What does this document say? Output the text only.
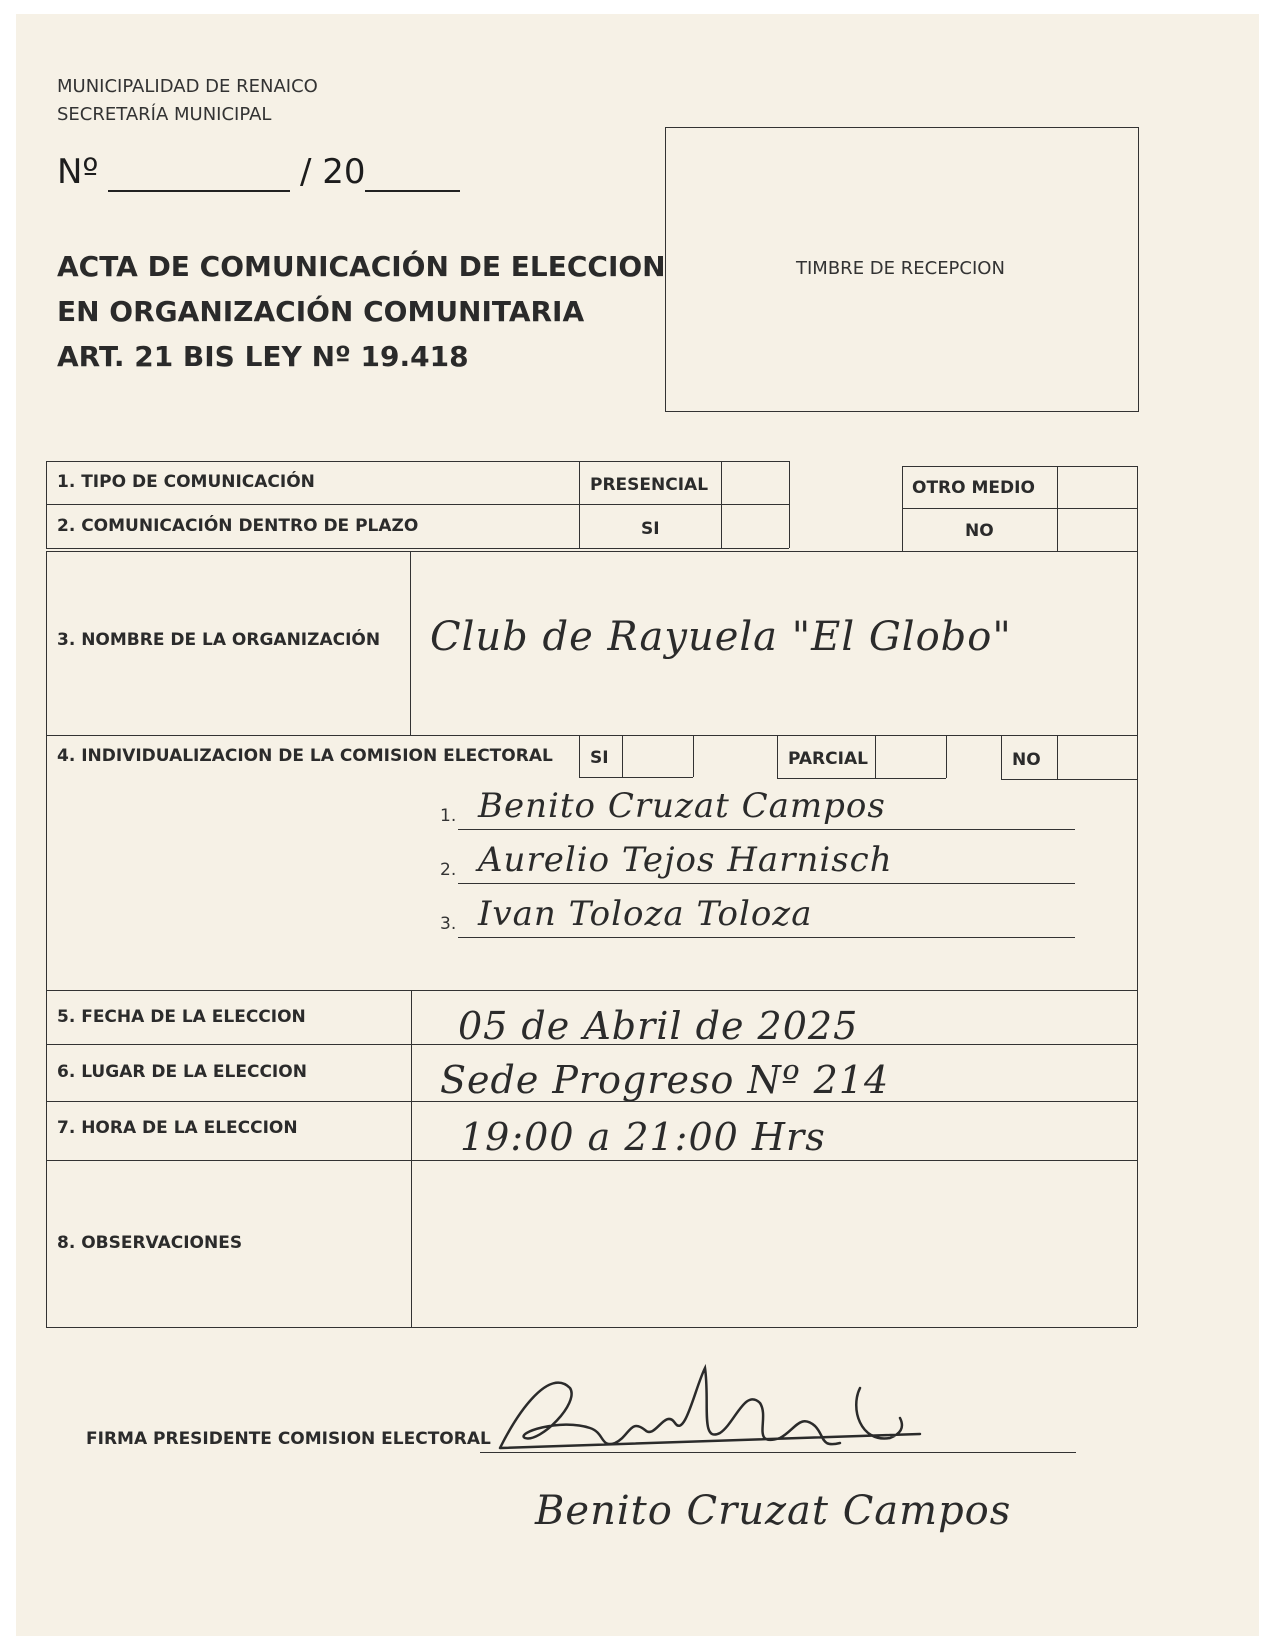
MUNICIPALIDAD DE RENAICO
SECRETARÍA MUNICIPAL
Nº	/ 20
ACTA DE COMUNICACIÓN DE ELECCION
EN ORGANIZACIÓN COMUNITARIA
ART. 21 BIS LEY Nº 19.418
TIMBRE DE RECEPCION
1. TIPO DE COMUNICACIÓN	PRESENCIAL	OTRO MEDIO
2. COMUNICACIÓN DENTRO DE PLAZO	SI	NO
3. NOMBRE DE LA ORGANIZACIÓN Club de Rayuela "El Globo"
4. INDIVIDUALIZACION DE LA COMISION ELECTORAL SI	PARCIAL	NO
1. Benito Cruzat Campos
2. Aurelio Tejos Harnisch
3. Ivan Toloza Toloza
5. FECHA DE LA ELECCION	05 de Abril de 2025
6. LUGAR DE LA ELECCION	Sede Progreso Nº 214
7. HORA DE LA ELECCION	19:00 a 21:00 Hrs
8. OBSERVACIONES
FIRMA PRESIDENTE COMISION ELECTORAL
Benito Cruzat Campos
